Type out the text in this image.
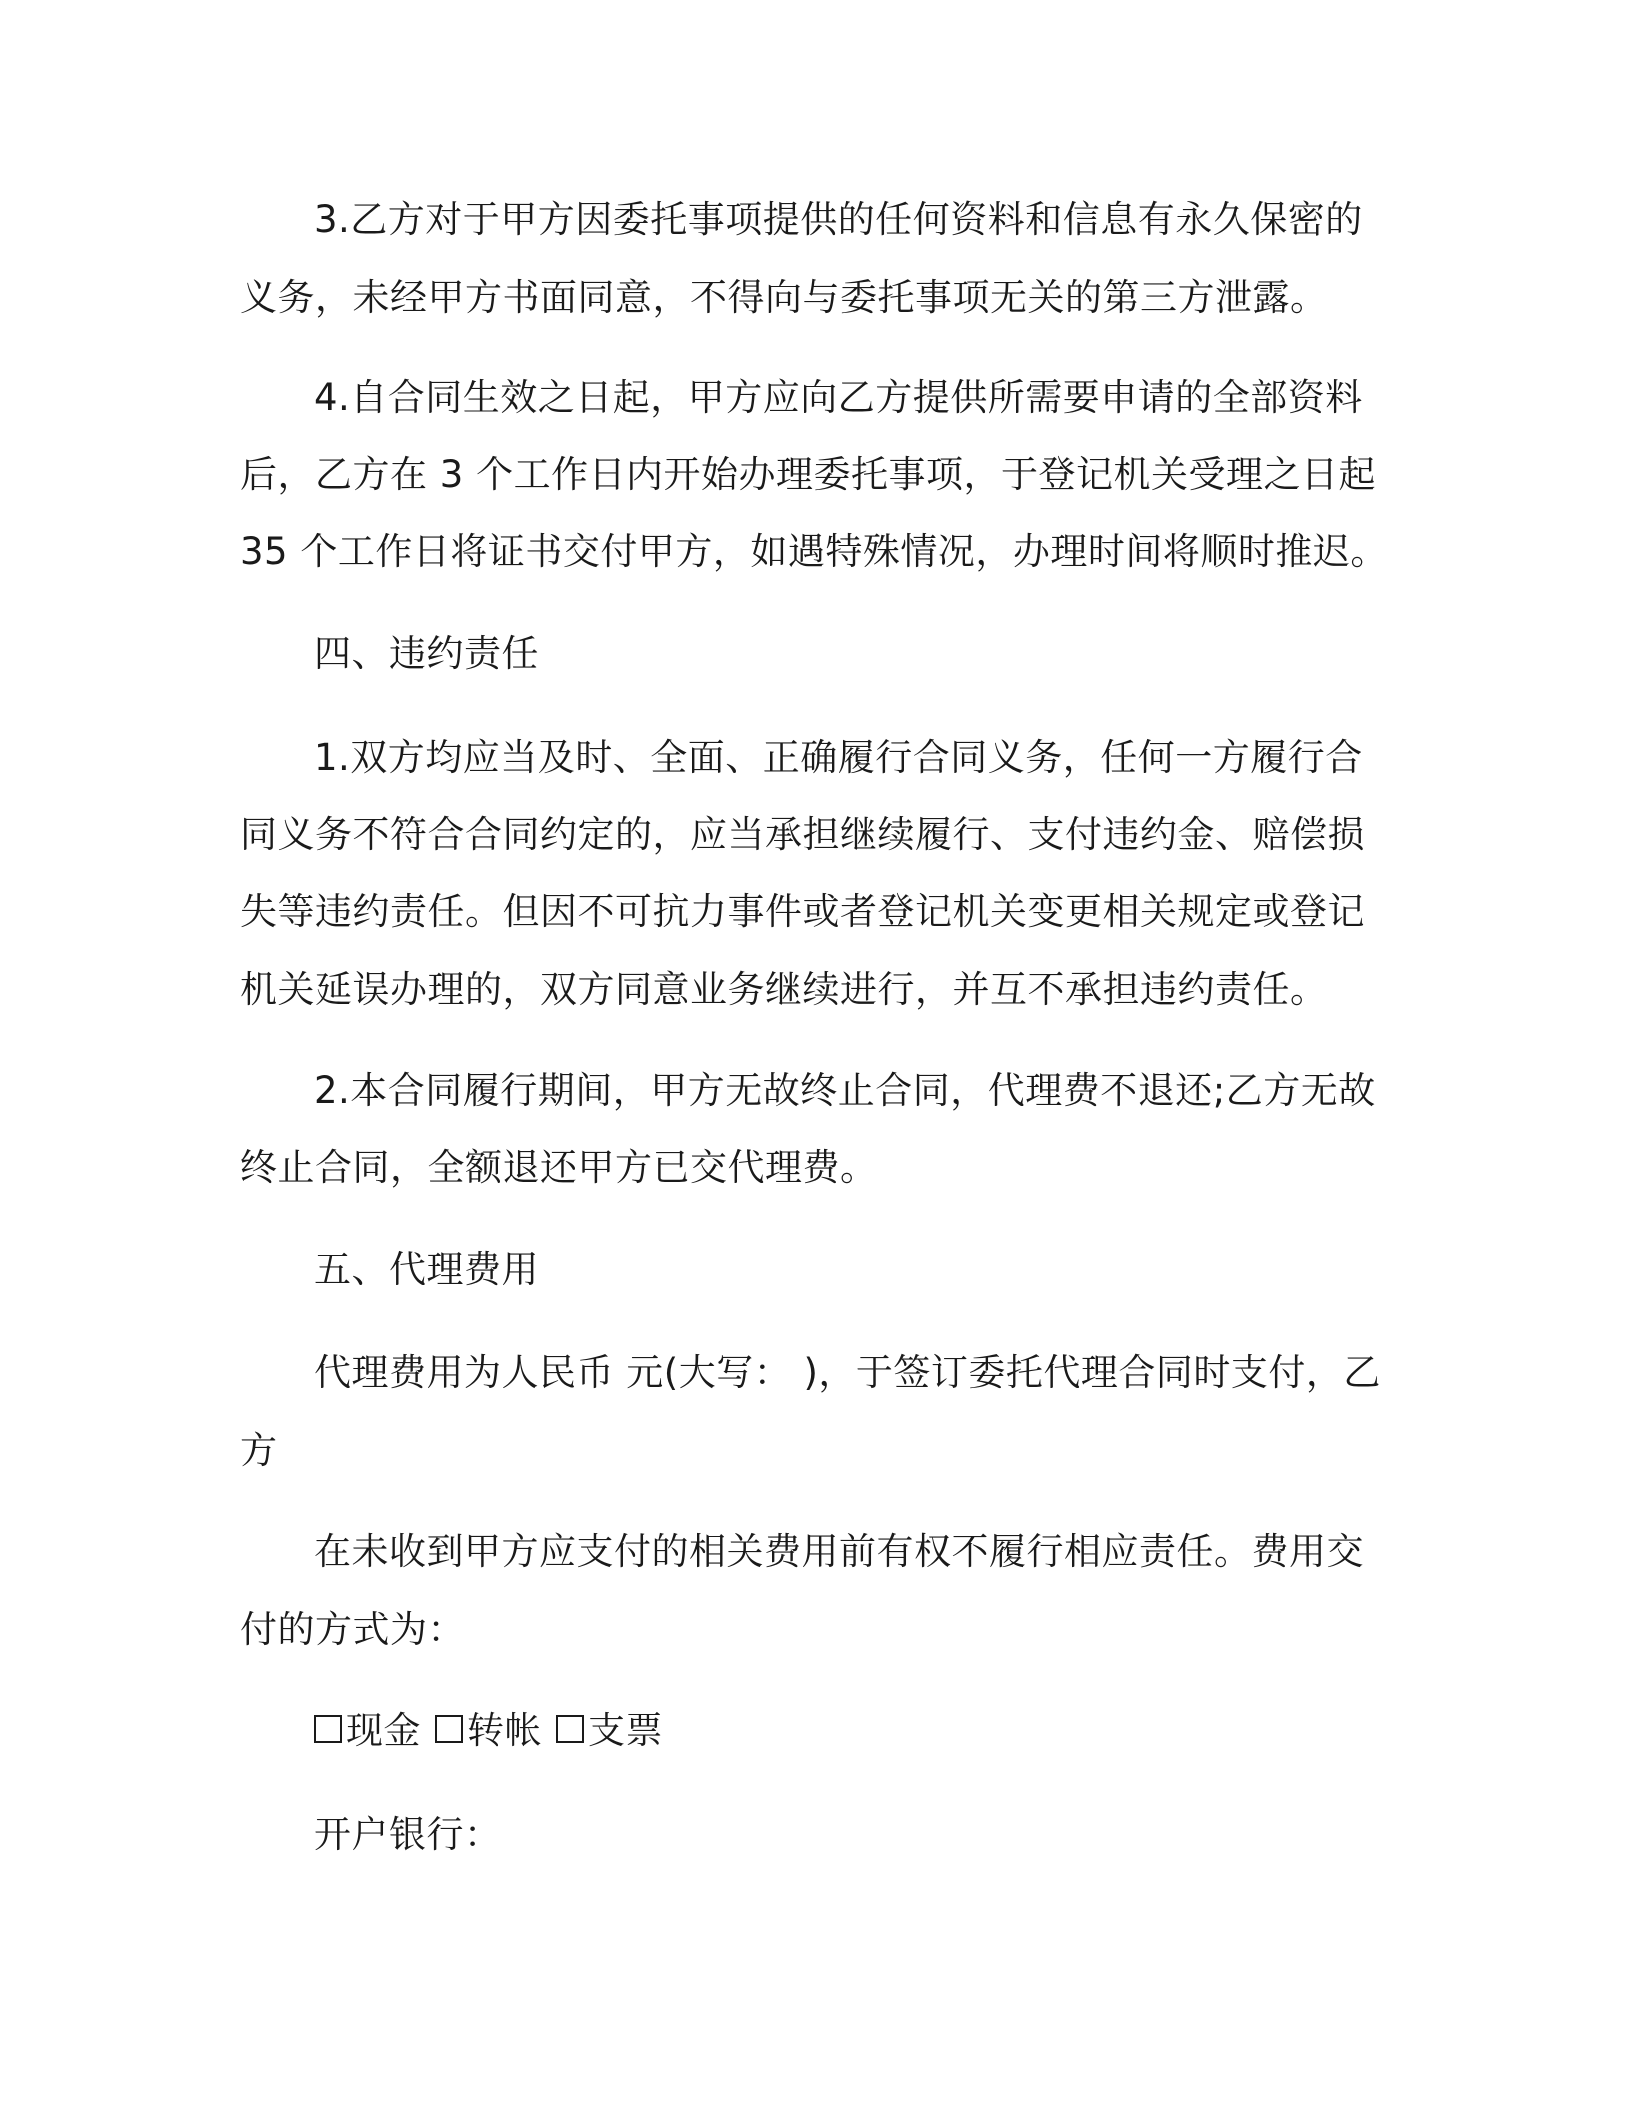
3.乙方对于甲方因委托事项提供的任何资料和信息有永久保密的
义务，未经甲方书面同意，不得向与委托事项无关的第三方泄露。
4.自合同生效之日起，甲方应向乙方提供所需要申请的全部资料
后，乙方在 3 个工作日内开始办理委托事项，于登记机关受理之日起
35 个工作日将证书交付甲方，如遇特殊情况，办理时间将顺时推迟。
四、违约责任
1.双方均应当及时、全面、正确履行合同义务，任何一方履行合
同义务不符合合同约定的，应当承担继续履行、支付违约金、赔偿损
失等违约责任。但因不可抗力事件或者登记机关变更相关规定或登记
机关延误办理的，双方同意业务继续进行，并互不承担违约责任。
2.本合同履行期间，甲方无故终止合同，代理费不退还;乙方无故
终止合同，全额退还甲方已交代理费。
五、代理费用
代理费用为人民币 元(大写： )，于签订委托代理合同时支付，乙
方
在未收到甲方应支付的相关费用前有权不履行相应责任。费用交
付的方式为：
现金 转帐 支票
开户银行：
